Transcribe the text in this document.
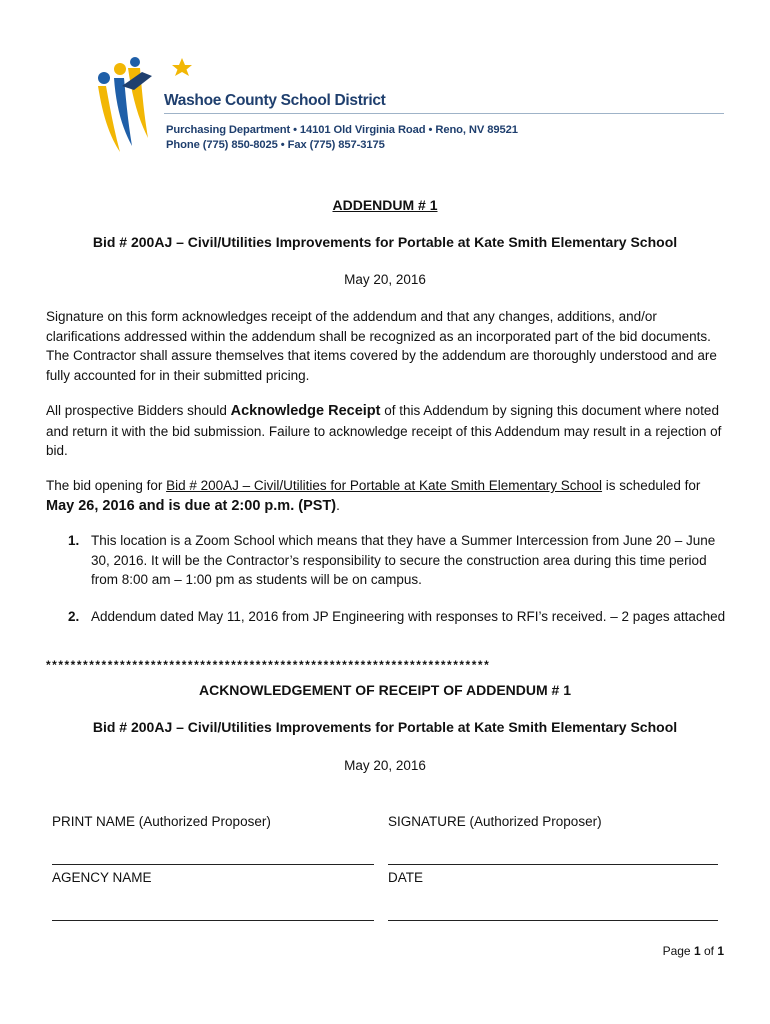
Washoe County School District
Purchasing Department • 14101 Old Virginia Road • Reno, NV 89521
Phone (775) 850-8025 • Fax (775) 857-3175
ADDENDUM # 1
Bid # 200AJ – Civil/Utilities Improvements for Portable at Kate Smith Elementary School
May 20, 2016
Signature on this form acknowledges receipt of the addendum and that any changes, additions, and/or clarifications addressed within the addendum shall be recognized as an incorporated part of the bid documents. The Contractor shall assure themselves that items covered by the addendum are thoroughly understood and are fully accounted for in their submitted pricing.
All prospective Bidders should Acknowledge Receipt of this Addendum by signing this document where noted and return it with the bid submission. Failure to acknowledge receipt of this Addendum may result in a rejection of bid.
The bid opening for Bid # 200AJ – Civil/Utilities for Portable at Kate Smith Elementary School is scheduled for May 26, 2016 and is due at 2:00 p.m. (PST).
1. This location is a Zoom School which means that they have a Summer Intercession from June 20 – June 30, 2016. It will be the Contractor’s responsibility to secure the construction area during this time period from 8:00 am – 1:00 pm as students will be on campus.
2. Addendum dated May 11, 2016 from JP Engineering with responses to RFI’s received. – 2 pages attached
************************************************************************
ACKNOWLEDGEMENT OF RECEIPT OF ADDENDUM # 1
Bid # 200AJ – Civil/Utilities Improvements for Portable at Kate Smith Elementary School
May 20, 2016
PRINT NAME (Authorized Proposer)	SIGNATURE (Authorized Proposer)
AGENCY NAME	DATE
Page 1 of 1
